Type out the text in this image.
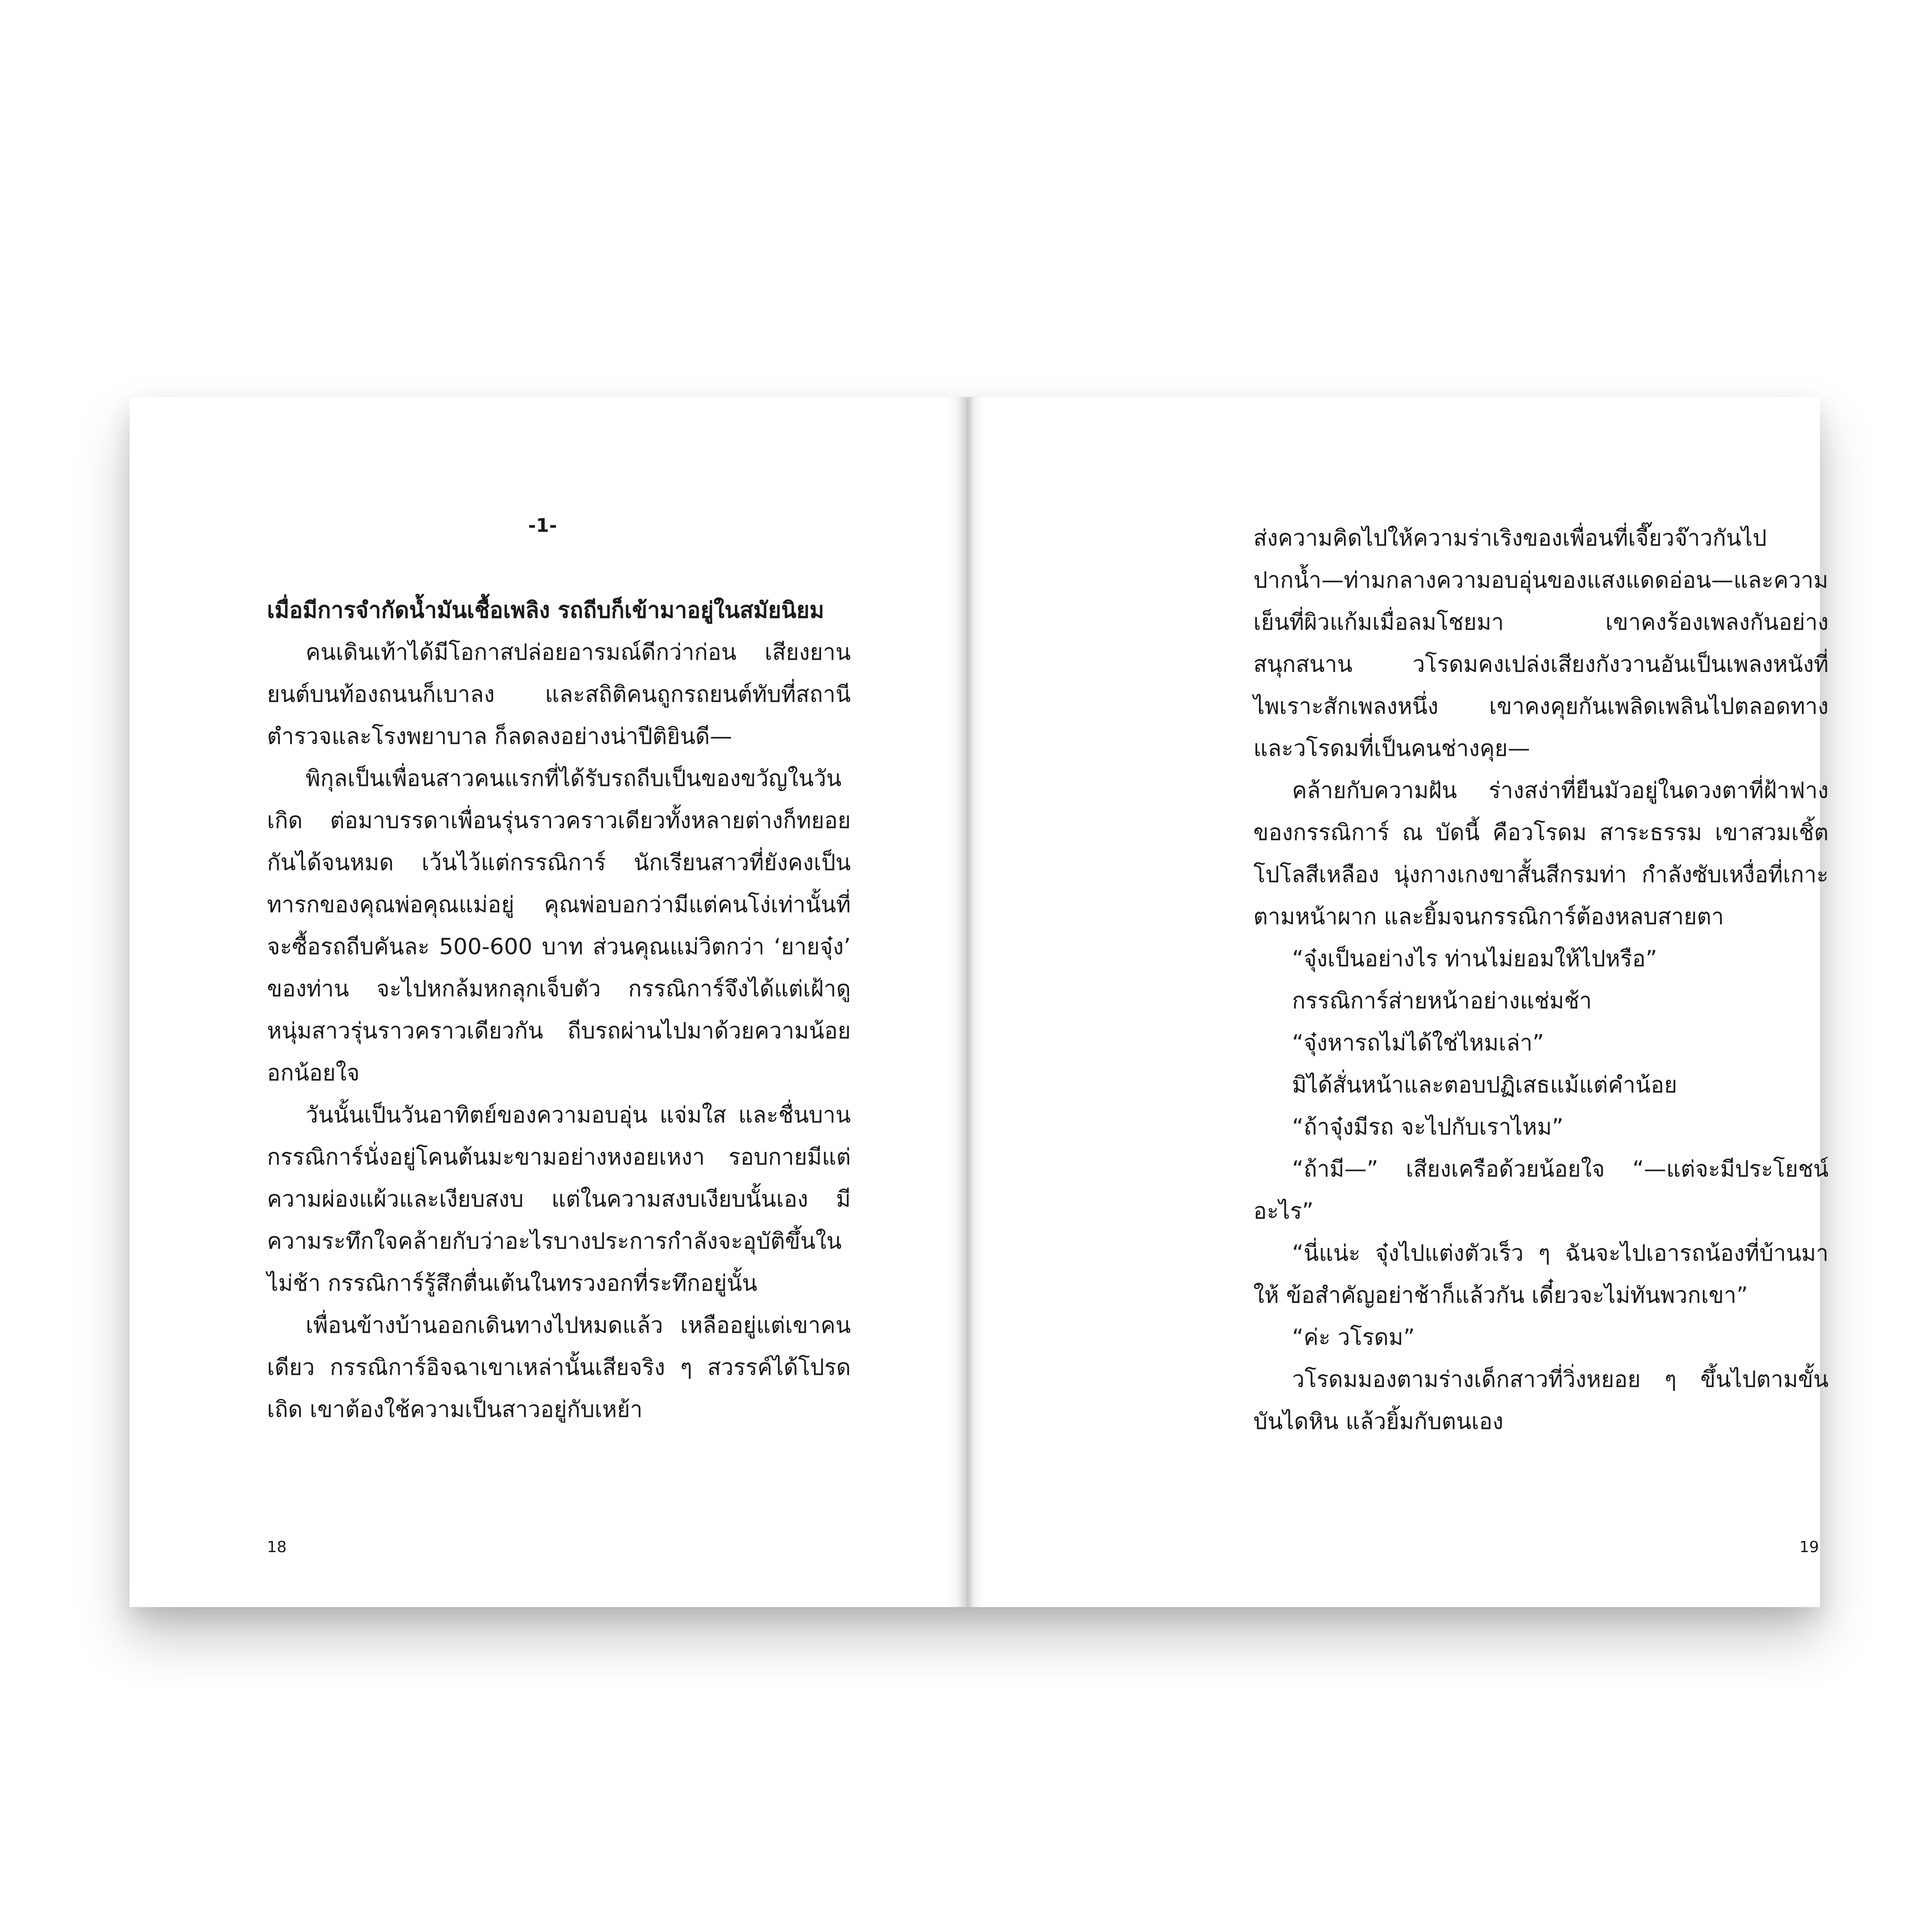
-1-

เมื่อมีการจำกัดน้ำมันเชื้อเพลิง รถถีบก็เข้ามาอยู่ในสมัยนิยม

คนเดินเท้าได้มีโอกาสปล่อยอารมณ์ดีกว่าก่อน เสียงยานยนต์บนท้องถนนก็เบาลง และสถิติคนถูกรถยนต์ทับที่สถานีตำรวจและโรงพยาบาล ก็ลดลงอย่างน่าปีติยินดี—

พิกุลเป็นเพื่อนสาวคนแรกที่ได้รับรถถีบเป็นของขวัญในวันเกิด ต่อมาบรรดาเพื่อนรุ่นราวคราวเดียวทั้งหลายต่างก็ทยอยกันได้จนหมด เว้นไว้แต่กรรณิการ์ นักเรียนสาวที่ยังคงเป็นทารกของคุณพ่อคุณแม่อยู่ คุณพ่อบอกว่ามีแต่คนโง่เท่านั้นที่จะซื้อรถถีบคันละ 500-600 บาท ส่วนคุณแม่วิตกว่า ‘ยายจุ๋ง’ ของท่าน จะไปหกล้มหกลุกเจ็บตัว กรรณิการ์จึงได้แต่เฝ้าดูหนุ่มสาวรุ่นราวคราวเดียวกัน ถีบรถผ่านไปมาด้วยความน้อยอกน้อยใจ

วันนั้นเป็นวันอาทิตย์ของความอบอุ่น แจ่มใส และชื่นบาน กรรณิการ์นั่งอยู่โคนต้นมะขามอย่างหงอยเหงา รอบกายมีแต่ความผ่องแผ้วและเงียบสงบ แต่ในความสงบเงียบนั้นเอง มีความระทึกใจคล้ายกับว่าอะไรบางประการกำลังจะอุบัติขึ้นในไม่ช้า กรรณิการ์รู้สึกตื่นเต้นในทรวงอกที่ระทึกอยู่นั้น

เพื่อนข้างบ้านออกเดินทางไปหมดแล้ว เหลืออยู่แต่เขาคนเดียว กรรณิการ์อิจฉาเขาเหล่านั้นเสียจริง ๆ สวรรค์ได้โปรดเถิด เขาต้องใช้ความเป็นสาวอยู่กับเหย้า

18

ส่งความคิดไปให้ความร่าเริงของเพื่อนที่เจี๊ยวจ๊าวกันไปปากน้ำ—ท่ามกลางความอบอุ่นของแสงแดดอ่อน—และความเย็นที่ผิวแก้มเมื่อลมโชยมา เขาคงร้องเพลงกันอย่างสนุกสนาน วโรดมคงเปล่งเสียงกังวานอันเป็นเพลงหนังที่ไพเราะสักเพลงหนึ่ง เขาคงคุยกันเพลิดเพลินไปตลอดทาง และวโรดมที่เป็นคนช่างคุย—

คล้ายกับความฝัน ร่างสง่าที่ยืนมัวอยู่ในดวงตาที่ฝ้าฟางของกรรณิการ์ ณ บัดนี้ คือวโรดม สาระธรรม เขาสวมเชิ้ตโปโลสีเหลือง นุ่งกางเกงขาสั้นสีกรมท่า กำลังซับเหงื่อที่เกาะตามหน้าผาก และยิ้มจนกรรณิการ์ต้องหลบสายตา

“จุ๋งเป็นอย่างไร ท่านไม่ยอมให้ไปหรือ”

กรรณิการ์ส่ายหน้าอย่างแช่มช้า

“จุ๋งหารถไม่ได้ใช่ไหมเล่า”

มิได้สั่นหน้าและตอบปฏิเสธแม้แต่คำน้อย

“ถ้าจุ๋งมีรถ จะไปกับเราไหม”

“ถ้ามี—” เสียงเครือด้วยน้อยใจ “—แต่จะมีประโยชน์อะไร”

“นี่แน่ะ จุ๋งไปแต่งตัวเร็ว ๆ ฉันจะไปเอารถน้องที่บ้านมาให้ ข้อสำคัญอย่าช้าก็แล้วกัน เดี๋ยวจะไม่ทันพวกเขา”

“ค่ะ วโรดม”

วโรดมมองตามร่างเด็กสาวที่วิ่งหยอย ๆ ขึ้นไปตามขั้นบันไดหิน แล้วยิ้มกับตนเอง

19
